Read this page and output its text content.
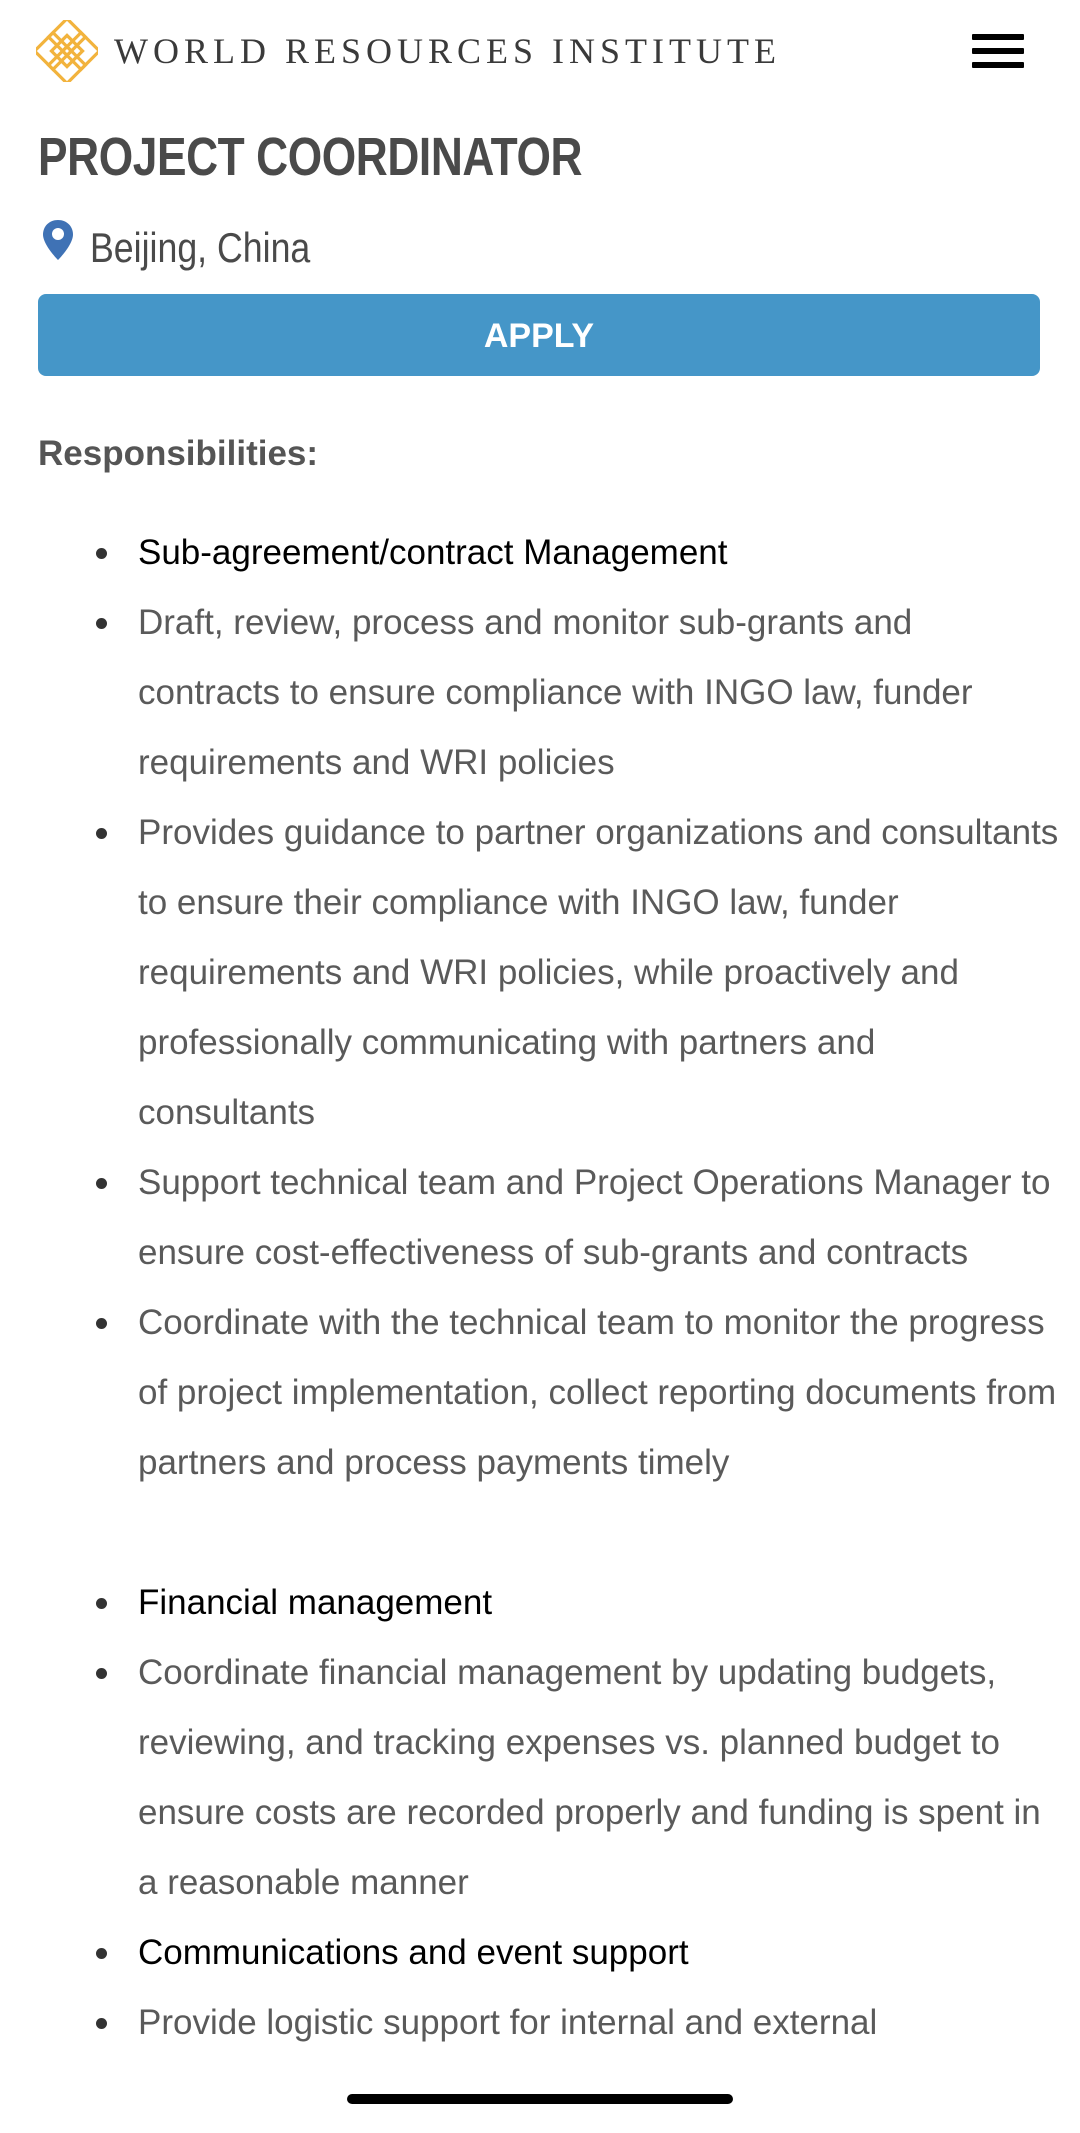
WORLD RESOURCES INSTITUTE
PROJECT COORDINATOR
Beijing, China
APPLY
Responsibilities:
Sub-agreement/contract Management
Draft, review, process and monitor sub-grants and contracts to ensure compliance with INGO law, funder requirements and WRI policies
Provides guidance to partner organizations and consultants to ensure their compliance with INGO law, funder requirements and WRI policies, while proactively and professionally communicating with partners and consultants
Support technical team and Project Operations Manager to ensure cost-effectiveness of sub-grants and contracts
Coordinate with the technical team to monitor the progress of project implementation, collect reporting documents from partners and process payments timely
Financial management
Coordinate financial management by updating budgets, reviewing, and tracking expenses vs. planned budget to ensure costs are recorded properly and funding is spent in a reasonable manner
Communications and event support
Provide logistic support for internal and external
